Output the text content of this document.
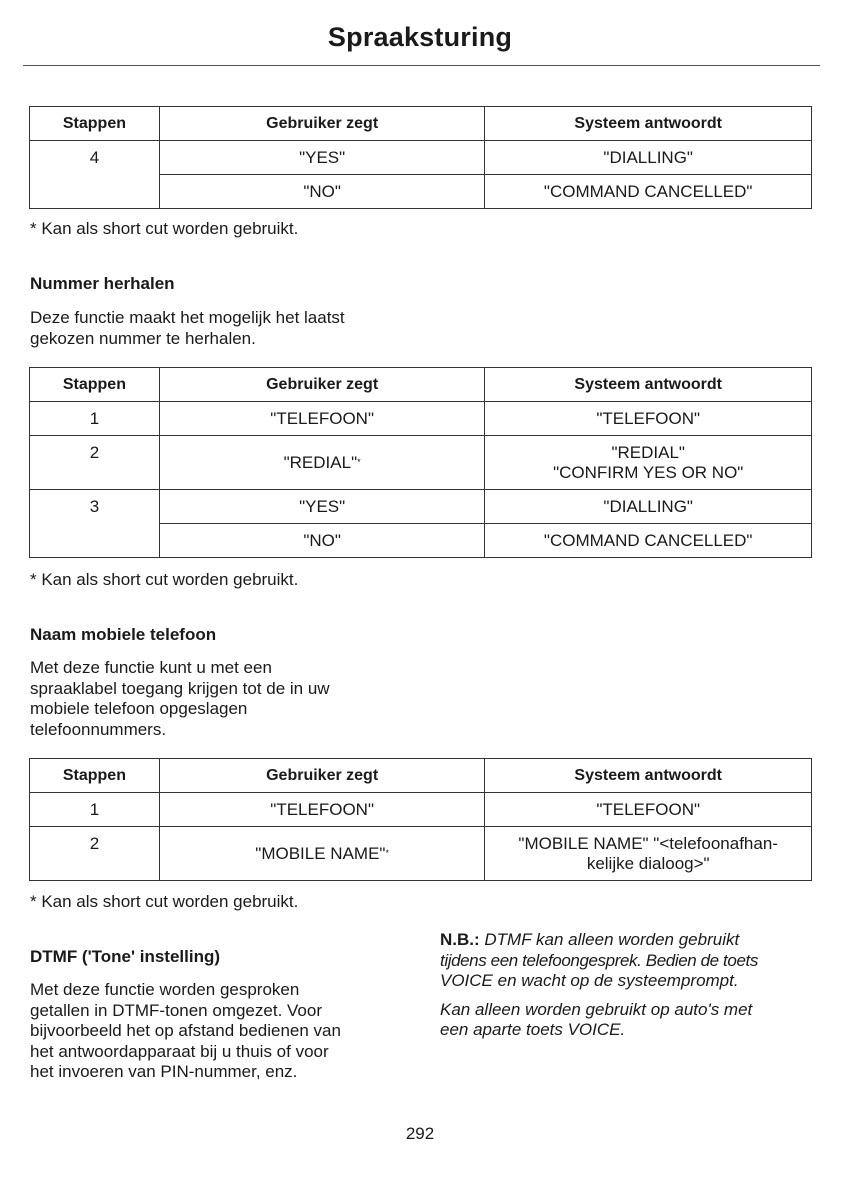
Spraaksturing
Stappen	Gebruiker zegt	Systeem antwoordt
4	"YES"	"DIALLING"
	"NO"	"COMMAND CANCELLED"
* Kan als short cut worden gebruikt.
Nummer herhalen
Deze functie maakt het mogelijk het laatst
gekozen nummer te herhalen.
Stappen	Gebruiker zegt	Systeem antwoordt
1	"TELEFOON"	"TELEFOON"
2	"REDIAL"*	"REDIAL"
"CONFIRM YES OR NO"

3	"YES"	"DIALLING"
	"NO"	"COMMAND CANCELLED"
* Kan als short cut worden gebruikt.
Naam mobiele telefoon
Met deze functie kunt u met een
spraaklabel toegang krijgen tot de in uw
mobiele telefoon opgeslagen
telefoonnummers.
Stappen	Gebruiker zegt	Systeem antwoordt
1	"TELEFOON"	"TELEFOON"
2	"MOBILE NAME"*	"MOBILE NAME" "<telefoonafhan-
kelijke dialoog>"
* Kan als short cut worden gebruikt.
DTMF ('Tone' instelling)
Met deze functie worden gesproken
getallen in DTMF-tonen omgezet. Voor
bijvoorbeeld het op afstand bedienen van
het antwoordapparaat bij u thuis of voor
het invoeren van PIN-nummer, enz.
N.B.: DTMF kan alleen worden gebruikt
tijdens een telefoongesprek. Bedien de toets
VOICE en wacht op de systeemprompt.
Kan alleen worden gebruikt op auto's met
een aparte toets VOICE.
292
